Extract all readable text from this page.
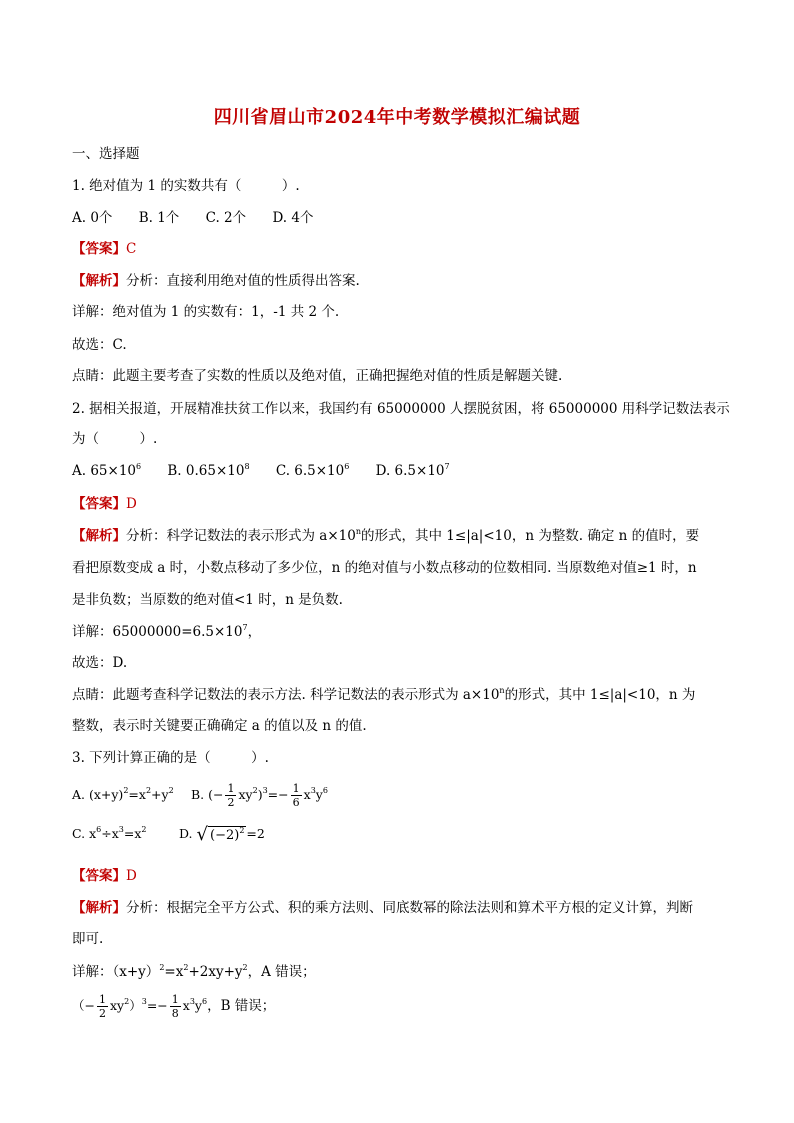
四川省眉山市2024年中考数学模拟汇编试题
一、选择题
1. 绝对值为 1 的实数共有（　　　）.
A. 0个 B. 1个 C. 2个 D. 4个
【答案】C
【解析】分析：直接利用绝对值的性质得出答案.
详解：绝对值为 1 的实数有：1，-1 共 2 个.
故选：C.
点睛：此题主要考查了实数的性质以及绝对值，正确把握绝对值的性质是解题关键.
2. 据相关报道，开展精准扶贫工作以来，我国约有 65000000 人摆脱贫困，将 65000000 用科学记数法表示
为（　　　）.
A. $65\times 10^6$ B. $0.65\times 10^8$ C. $6.5\times 10^6$ D. $6.5\times 10^7$
【答案】D
【解析】分析：科学记数法的表示形式为 $a\times 10^n$的形式，其中 1≤|a|<10，n 为整数. 确定 n 的值时，要
看把原数变成 a 时，小数点移动了多少位，n 的绝对值与小数点移动的位数相同. 当原数绝对值≥1 时，n
是非负数；当原数的绝对值<1 时，n 是负数.
详解：$65000000=6.5\times 10^7$，
故选：D.
点睛：此题考查科学记数法的表示方法. 科学记数法的表示形式为 $a\times 10^n$的形式，其中 1≤|a|<10，n 为
整数，表示时关键要正确确定 a 的值以及 n 的值.
3. 下列计算正确的是（　　　）.
A. $(x+y)^2=x^2+y^2$ B. (− $\frac{1}{2} xy^2)^3=- \frac{1}{6} x^3y^6$
C. $x^6\div x^3=x^2$	D. √ $(-2)^2 =2$
【答案】D
【解析】分析：根据完全平方公式、积的乘方法则、同底数幂的除法法则和算术平方根的定义计算，判断
即可.
详解：$(x+y)^2=x^2+2xy+y^2$，A 错误；
（− $\frac{1}{2} xy^2)^3=- \frac{1}{8} x^3y^6$，B 错误；
